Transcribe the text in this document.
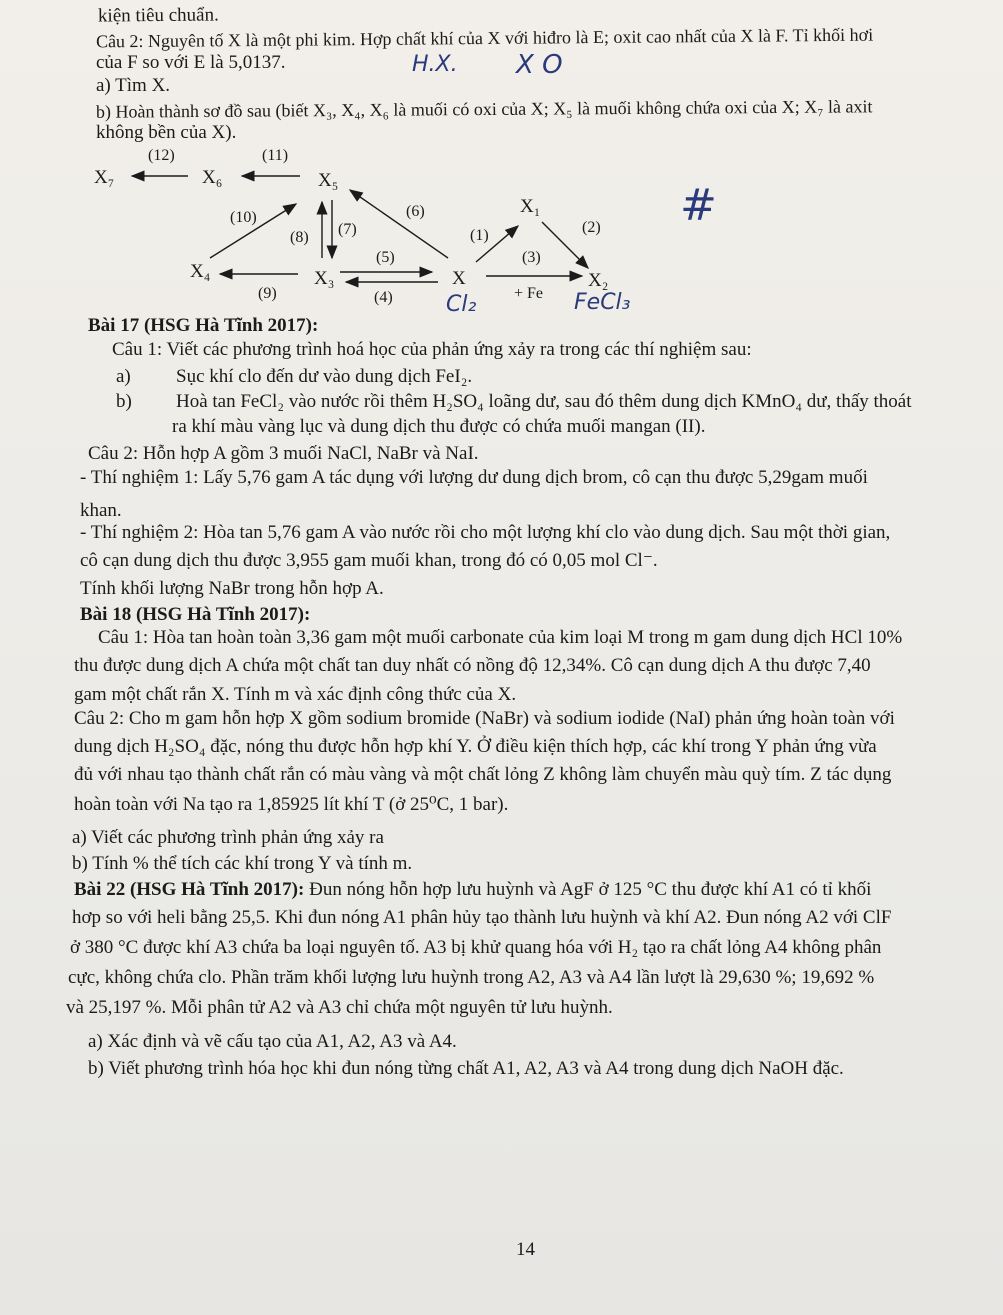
kiện tiêu chuẩn.
Câu 2: Nguyên tố X là một phi kim. Hợp chất khí của X với hiđro là E; oxit cao nhất của X là F. Tỉ khối hơi
của F so với E là 5,0137.
a) Tìm X.
b) Hoàn thành sơ đồ sau (biết X₃, X₄, X₆ là muối có oxi của X; X₅ là muối không chứa oxi của X; X₇ là axit
không bền của X).
H.X. X O
#
Cl₂	FeCl₃
X₇	X₆	X₅
X₁
X₄	X₃	X	X₂
(12)	(11)
(10)
(8) (7)
(6)
(1)	(2)
(5)	(3)
(9)	(4)	+ Fe
Bài 17 (HSG Hà Tĩnh 2017):
Câu 1: Viết các phương trình hoá học của phản ứng xảy ra trong các thí nghiệm sau:
a) Sục khí clo đến dư vào dung dịch FeI₂.
b) Hoà tan FeCl₂ vào nước rồi thêm H₂SO₄ loãng dư, sau đó thêm dung dịch KMnO₄ dư, thấy thoát
ra khí màu vàng lục và dung dịch thu được có chứa muối mangan (II).
Câu 2: Hỗn hợp A gồm 3 muối NaCl, NaBr và NaI.
- Thí nghiệm 1: Lấy 5,76 gam A tác dụng với lượng dư dung dịch brom, cô cạn thu được 5,29gam muối
khan.
- Thí nghiệm 2: Hòa tan 5,76 gam A vào nước rồi cho một lượng khí clo vào dung dịch. Sau một thời gian,
cô cạn dung dịch thu được 3,955 gam muối khan, trong đó có 0,05 mol Cl⁻.
Tính khối lượng NaBr trong hỗn hợp A.
Bài 18 (HSG Hà Tĩnh 2017):
Câu 1: Hòa tan hoàn toàn 3,36 gam một muối carbonate của kim loại M trong m gam dung dịch HCl 10%
thu được dung dịch A chứa một chất tan duy nhất có nồng độ 12,34%. Cô cạn dung dịch A thu được 7,40
gam một chất rắn X. Tính m và xác định công thức của X.
Câu 2: Cho m gam hỗn hợp X gồm sodium bromide (NaBr) và sodium iodide (NaI) phản ứng hoàn toàn với
dung dịch H₂SO₄ đặc, nóng thu được hỗn hợp khí Y. Ở điều kiện thích hợp, các khí trong Y phản ứng vừa
đủ với nhau tạo thành chất rắn có màu vàng và một chất lỏng Z không làm chuyển màu quỳ tím. Z tác dụng
hoàn toàn với Na tạo ra 1,85925 lít khí T (ở 25⁰C, 1 bar).
a) Viết các phương trình phản ứng xảy ra
b) Tính % thể tích các khí trong Y và tính m.
Bài 22 (HSG Hà Tĩnh 2017): Đun nóng hỗn hợp lưu huỳnh và AgF ở 125 °C thu được khí A1 có tỉ khối
hơp so với heli bằng 25,5. Khi đun nóng A1 phân hủy tạo thành lưu huỳnh và khí A2. Đun nóng A2 với ClF
ở 380 °C được khí A3 chứa ba loại nguyên tố. A3 bị khử quang hóa với H₂ tạo ra chất lỏng A4 không phân
cực, không chứa clo. Phần trăm khối lượng lưu huỳnh trong A2, A3 và A4 lần lượt là 29,630 %; 19,692 %
và 25,197 %. Mỗi phân tử A2 và A3 chỉ chứa một nguyên tử lưu huỳnh.
a) Xác định và vẽ cấu tạo của A1, A2, A3 và A4.
b) Viết phương trình hóa học khi đun nóng từng chất A1, A2, A3 và A4 trong dung dịch NaOH đặc.
14
